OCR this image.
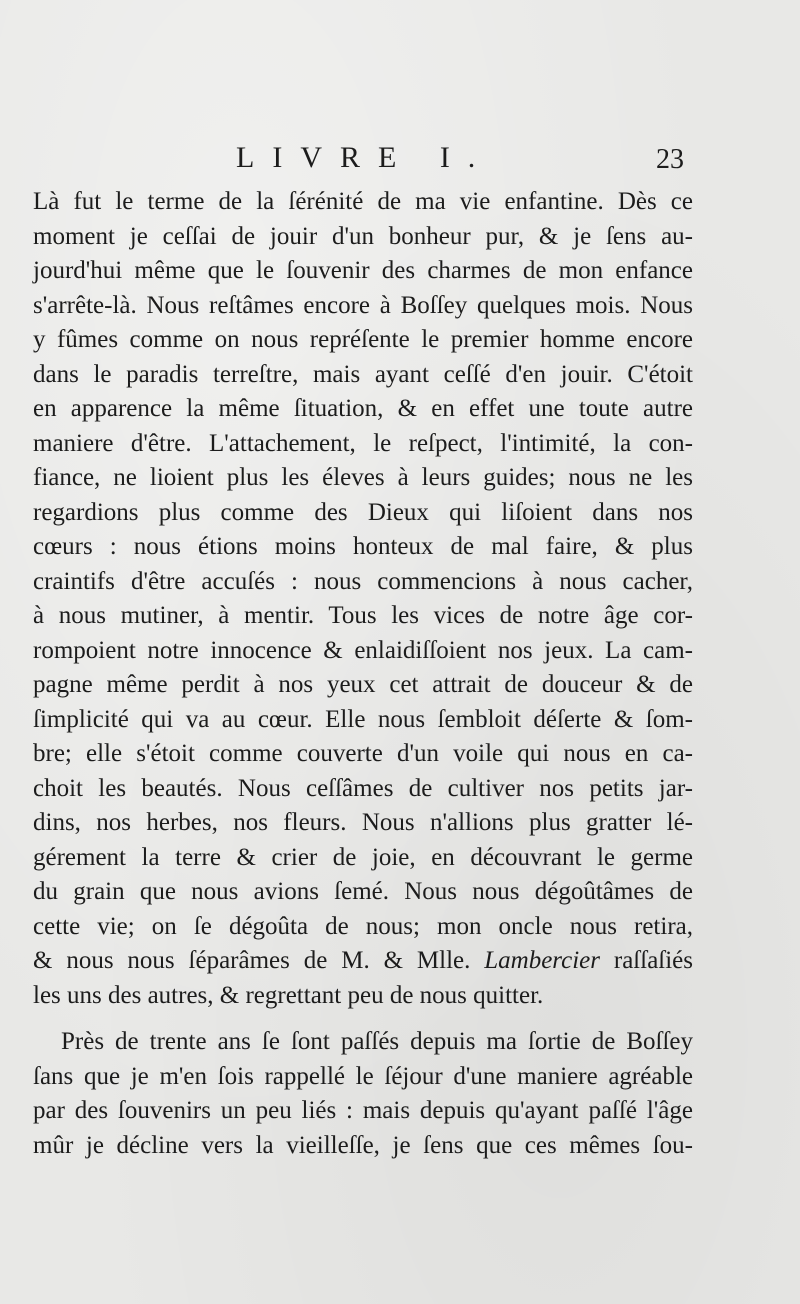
LIVRE I.	23
Là fut le terme de la ſérénité de ma vie enfantine. Dès ce
moment je ceſſai de jouir d'un bonheur pur, & je ſens au-
jourd'hui même que le ſouvenir des charmes de mon enfance
s'arrête-là. Nous reſtâmes encore à Boſſey quelques mois. Nous
y fûmes comme on nous repréſente le premier homme encore
dans le paradis terreſtre, mais ayant ceſſé d'en jouir. C'étoit
en apparence la même ſituation, & en effet une toute autre
maniere d'être. L'attachement, le reſpect, l'intimité, la con-
fiance, ne lioient plus les éleves à leurs guides; nous ne les
regardions plus comme des Dieux qui liſoient dans nos
cœurs : nous étions moins honteux de mal faire, & plus
craintifs d'être accuſés : nous commencions à nous cacher,
à nous mutiner, à mentir. Tous les vices de notre âge cor-
rompoient notre innocence & enlaidiſſoient nos jeux. La cam-
pagne même perdit à nos yeux cet attrait de douceur & de
ſimplicité qui va au cœur. Elle nous ſembloit déſerte & ſom-
bre; elle s'étoit comme couverte d'un voile qui nous en ca-
choit les beautés. Nous ceſſâmes de cultiver nos petits jar-
dins, nos herbes, nos fleurs. Nous n'allions plus gratter lé-
gérement la terre & crier de joie, en découvrant le germe
du grain que nous avions ſemé. Nous nous dégoûtâmes de
cette vie; on ſe dégoûta de nous; mon oncle nous retira,
& nous nous ſéparâmes de M. & Mlle. Lambercier raſſaſiés
les uns des autres, & regrettant peu de nous quitter.
Près de trente ans ſe ſont paſſés depuis ma ſortie de Boſſey
ſans que je m'en ſois rappellé le ſéjour d'une maniere agréable
par des ſouvenirs un peu liés : mais depuis qu'ayant paſſé l'âge
mûr je décline vers la vieilleſſe, je ſens que ces mêmes ſou-
